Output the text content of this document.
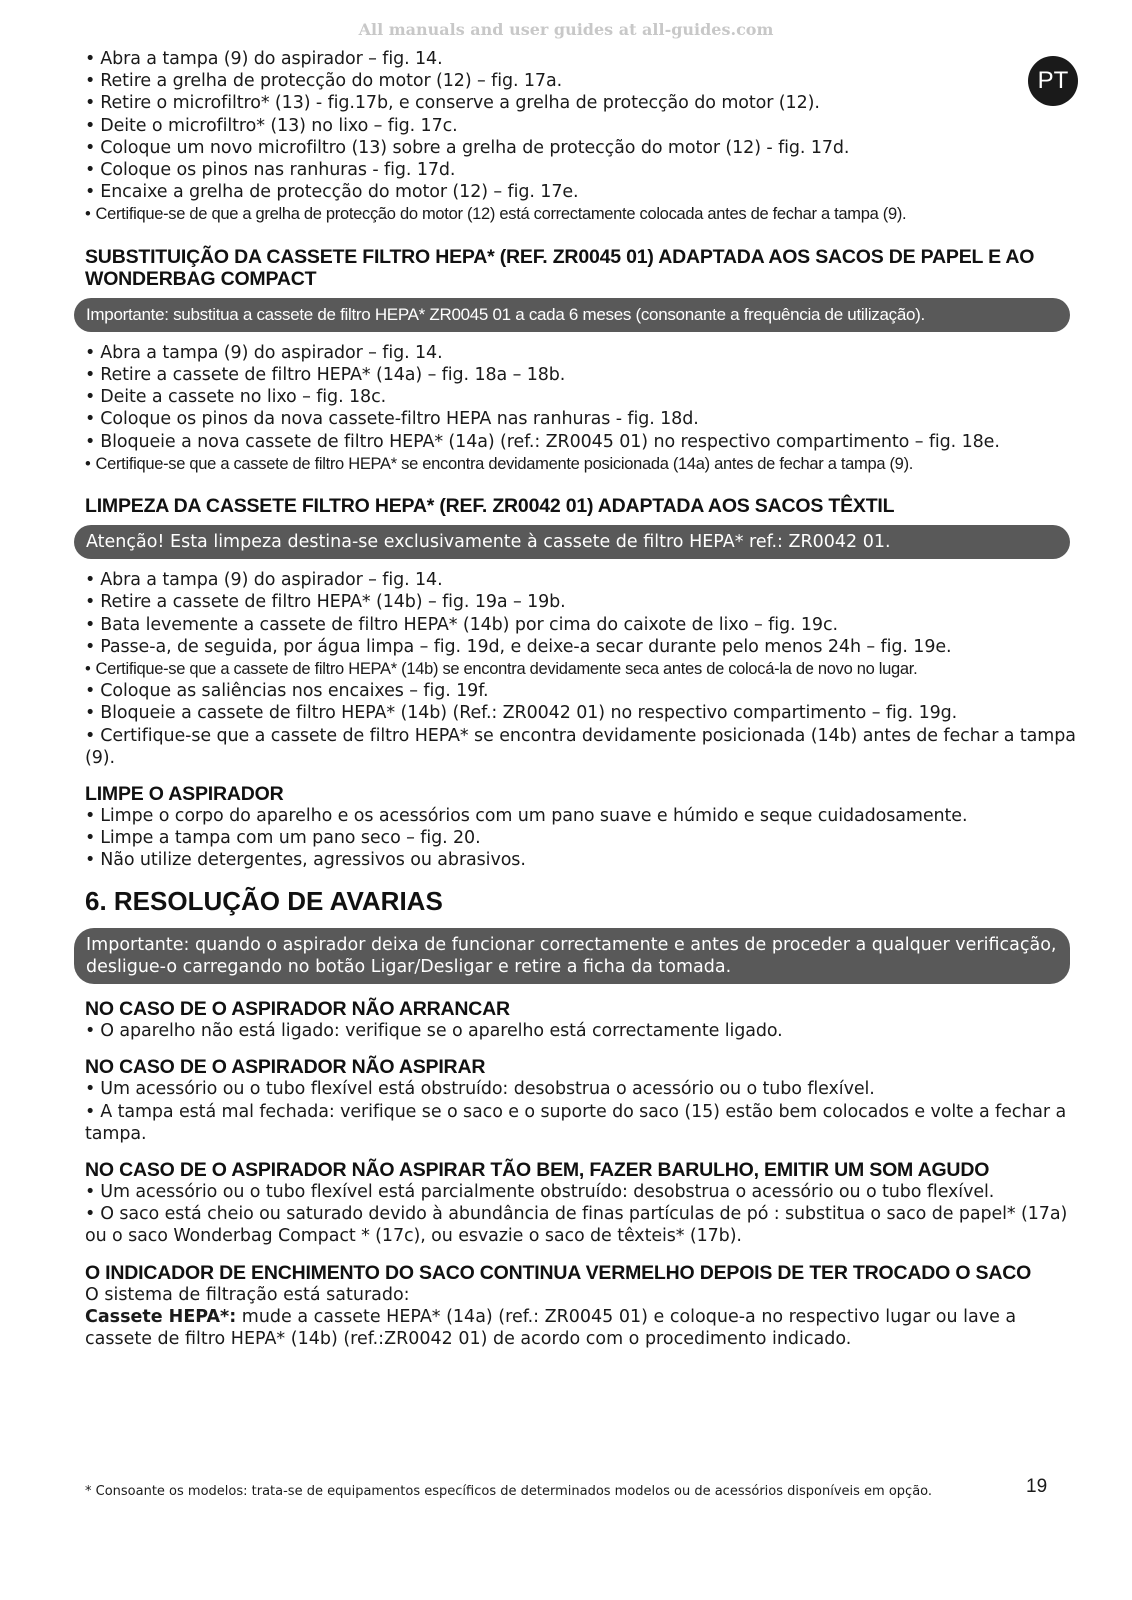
All manuals and user guides at all-guides.com
PT
• Abra a tampa (9) do aspirador – fig. 14.
• Retire a grelha de protecção do motor (12) – fig. 17a.
• Retire o microfiltro* (13) - fig.17b, e conserve a grelha de protecção do motor (12).
• Deite o microfiltro* (13) no lixo – fig. 17c.
• Coloque um novo microfiltro (13) sobre a grelha de protecção do motor (12) - fig. 17d.
• Coloque os pinos nas ranhuras - fig. 17d.
• Encaixe a grelha de protecção do motor (12) – fig. 17e.
• Certifique-se de que a grelha de protecção do motor (12) está correctamente colocada antes de fechar a tampa (9).
SUBSTITUIÇÃO DA CASSETE FILTRO HEPA* (REF. ZR0045 01) ADAPTADA AOS SACOS DE PAPEL E AO WONDERBAG COMPACT
Importante: substitua a cassete de filtro HEPA* ZR0045 01 a cada 6 meses (consonante a frequência de utilização).
• Abra a tampa (9) do aspirador – fig. 14.
• Retire a cassete de filtro HEPA* (14a) – fig. 18a – 18b.
• Deite a cassete no lixo – fig. 18c.
• Coloque os pinos da nova cassete-filtro HEPA nas ranhuras - fig. 18d.
• Bloqueie a nova cassete de filtro HEPA* (14a) (ref.: ZR0045 01) no respectivo compartimento – fig. 18e.
• Certifique-se que a cassete de filtro HEPA* se encontra devidamente posicionada (14a) antes de fechar a tampa (9).
LIMPEZA DA CASSETE FILTRO HEPA* (REF. ZR0042 01) ADAPTADA AOS SACOS TÊXTIL
Atenção! Esta limpeza destina-se exclusivamente à cassete de filtro HEPA* ref.: ZR0042 01.
• Abra a tampa (9) do aspirador – fig. 14.
• Retire a cassete de filtro HEPA* (14b) – fig. 19a – 19b.
• Bata levemente a cassete de filtro HEPA* (14b) por cima do caixote de lixo – fig. 19c.
• Passe-a, de seguida, por água limpa – fig. 19d, e deixe-a secar durante pelo menos 24h – fig. 19e.
• Certifique-se que a cassete de filtro HEPA* (14b) se encontra devidamente seca antes de colocá-la de novo no lugar.
• Coloque as saliências nos encaixes – fig. 19f.
• Bloqueie a cassete de filtro HEPA* (14b) (Ref.: ZR0042 01) no respectivo compartimento – fig. 19g.
• Certifique-se que a cassete de filtro HEPA* se encontra devidamente posicionada (14b) antes de fechar a tampa (9).
LIMPE O ASPIRADOR
• Limpe o corpo do aparelho e os acessórios com um pano suave e húmido e seque cuidadosamente.
• Limpe a tampa com um pano seco – fig. 20.
• Não utilize detergentes, agressivos ou abrasivos.
6. RESOLUÇÃO DE AVARIAS
Importante: quando o aspirador deixa de funcionar correctamente e antes de proceder a qualquer verificação, desligue-o carregando no botão Ligar/Desligar e retire a ficha da tomada.
NO CASO DE O ASPIRADOR NÃO ARRANCAR
• O aparelho não está ligado: verifique se o aparelho está correctamente ligado.
NO CASO DE O ASPIRADOR NÃO ASPIRAR
• Um acessório ou o tubo flexível está obstruído: desobstrua o acessório ou o tubo flexível.
• A tampa está mal fechada: verifique se o saco e o suporte do saco (15) estão bem colocados e volte a fechar a tampa.
NO CASO DE O ASPIRADOR NÃO ASPIRAR TÃO BEM, FAZER BARULHO, EMITIR UM SOM AGUDO
• Um acessório ou o tubo flexível está parcialmente obstruído: desobstrua o acessório ou o tubo flexível.
• O saco está cheio ou saturado devido à abundância de finas partículas de pó : substitua o saco de papel* (17a) ou o saco Wonderbag Compact * (17c), ou esvazie o saco de têxteis* (17b).
O INDICADOR DE ENCHIMENTO DO SACO CONTINUA VERMELHO DEPOIS DE TER TROCADO O SACO
O sistema de filtração está saturado:
Cassete HEPA*: mude a cassete HEPA* (14a) (ref.: ZR0045 01) e coloque-a no respectivo lugar ou lave a cassete de filtro HEPA* (14b) (ref.:ZR0042 01) de acordo com o procedimento indicado.
* Consoante os modelos: trata-se de equipamentos específicos de determinados modelos ou de acessórios disponíveis em opção.	19
